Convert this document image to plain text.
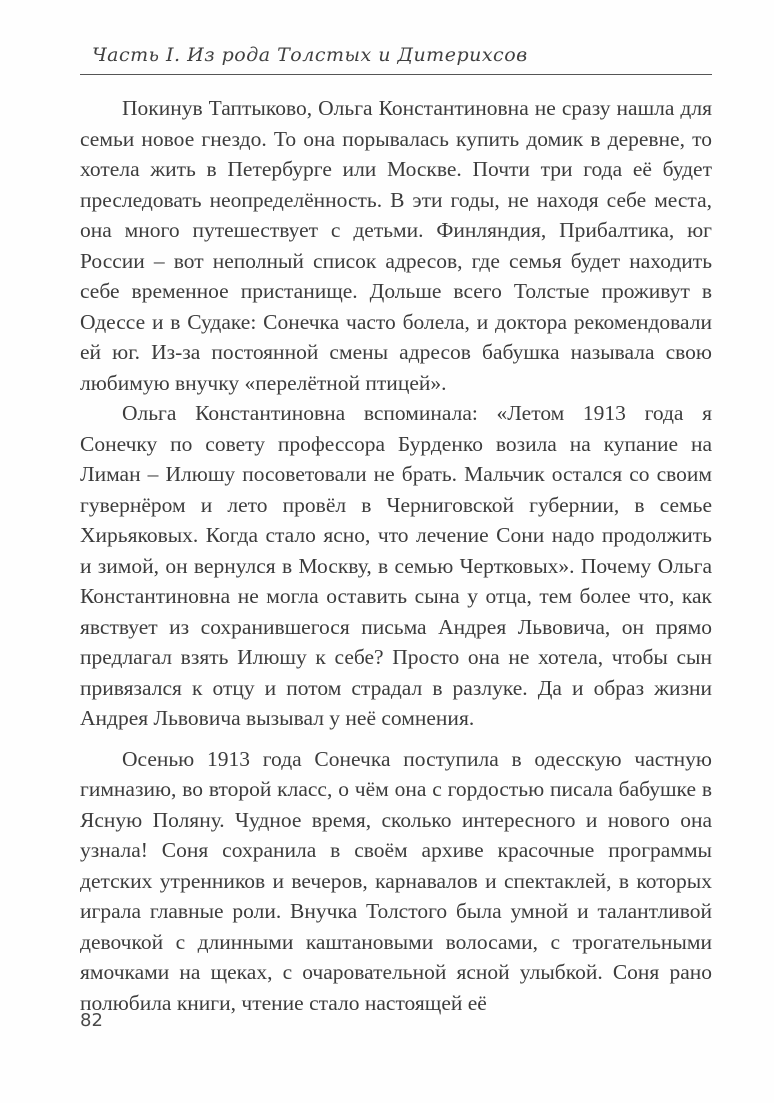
Часть I. Из рода Толстых и Дитерихсов

Покинув Таптыково, Ольга Константиновна не сразу нашла для семьи новое гнездо. То она порывалась купить домик в деревне, то хотела жить в Петербурге или Москве. Почти три года её будет преследовать неопределённость. В эти годы, не находя себе места, она много путешествует с детьми. Финляндия, Прибалтика, юг России – вот неполный список адресов, где семья будет находить себе временное пристанище. Дольше всего Толстые проживут в Одессе и в Судаке: Сонечка часто болела, и доктора рекомендовали ей юг. Из-за постоянной смены адресов бабушка называла свою любимую внучку «перелётной птицей».

Ольга Константиновна вспоминала: «Летом 1913 года я Сонечку по совету профессора Бурденко возила на купание на Лиман – Илюшу посоветовали не брать. Мальчик остался со своим гувернёром и лето провёл в Черниговской губернии, в семье Хирьяковых. Когда стало ясно, что лечение Сони надо продолжить и зимой, он вернулся в Москву, в семью Чертковых». Почему Ольга Константиновна не могла оставить сына у отца, тем более что, как явствует из сохранившегося письма Андрея Львовича, он прямо предлагал взять Илюшу к себе? Просто она не хотела, чтобы сын привязался к отцу и потом страдал в разлуке. Да и образ жизни Андрея Львовича вызывал у неё сомнения.

Осенью 1913 года Сонечка поступила в одесскую частную гимназию, во второй класс, о чём она с гордостью писала бабушке в Ясную Поляну. Чудное время, сколько интересного и нового она узнала! Соня сохранила в своём архиве красочные программы детских утренников и вечеров, карнавалов и спектаклей, в которых играла главные роли. Внучка Толстого была умной и талантливой девочкой с длинными каштановыми волосами, с трогательными ямочками на щеках, с очаровательной ясной улыбкой. Соня рано полюбила книги, чтение стало настоящей её

82
